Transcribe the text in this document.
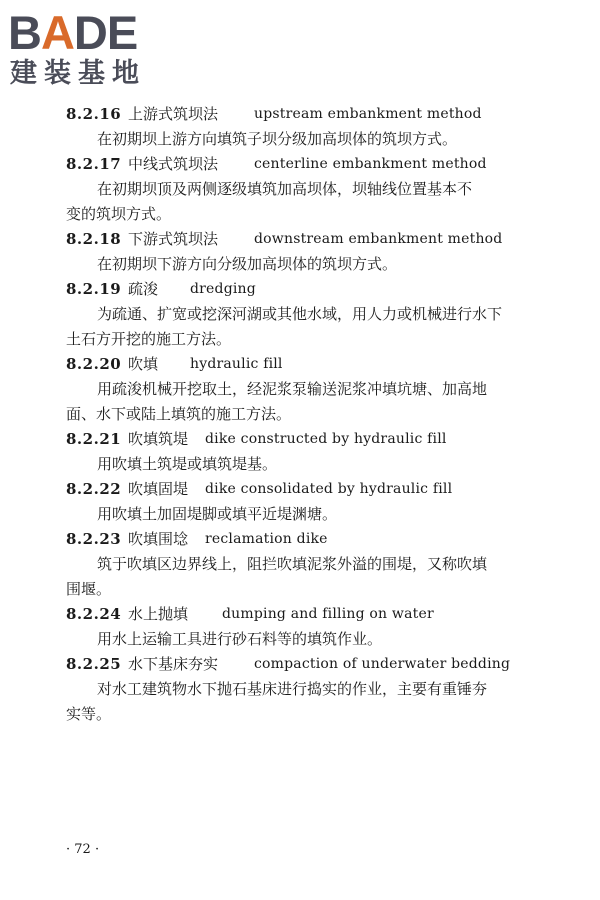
B A DE
建装基地
8.2.16 上游式筑坝法	upstream embankment method
在初期坝上游方向填筑子坝分级加高坝体的筑坝方式。
8.2.17 中线式筑坝法	centerline embankment method
在初期坝顶及两侧逐级填筑加高坝体，坝轴线位置基本不
变的筑坝方式。
8.2.18 下游式筑坝法	downstream embankment method
在初期坝下游方向分级加高坝体的筑坝方式。
8.2.19 疏浚 dredging
为疏通、扩宽或挖深河湖或其他水域，用人力或机械进行水下
土石方开挖的施工方法。
8.2.20 吹填 hydraulic fill
用疏浚机械开挖取土，经泥浆泵输送泥浆冲填坑塘、加高地
面、水下或陆上填筑的施工方法。
8.2.21 吹填筑堤 dike constructed by hydraulic fill
用吹填土筑堤或填筑堤基。
8.2.22 吹填固堤 dike consolidated by hydraulic fill
用吹填土加固堤脚或填平近堤渊塘。
8.2.23 吹填围埝 reclamation dike
筑于吹填区边界线上，阻拦吹填泥浆外溢的围堤，又称吹填
围堰。
8.2.24 水上抛填 dumping and filling on water
用水上运输工具进行砂石料等的填筑作业。
8.2.25 水下基床夯实	compaction of underwater bedding
对水工建筑物水下抛石基床进行捣实的作业，主要有重锤夯
实等。
· 72 ·
